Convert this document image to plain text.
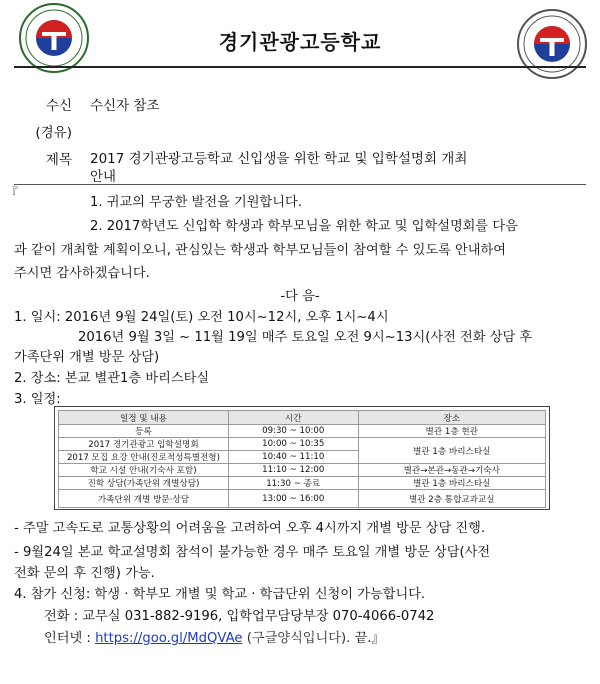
경기관광고등학교
수신 수신자 참조
(경유)
제목 2017 경기관광고등학교 신입생을 위한 학교 및 입학설명회 개최
안내
『
1. 귀교의 무궁한 발전을 기원합니다.
2. 2017학년도 신입학 학생과 학부모님을 위한 학교 및 입학설명회를 다음
과 같이 개최할 계획이오니, 관심있는 학생과 학부모님들이 참여할 수 있도록 안내하여
주시면 감사하겠습니다.
-다 음-
1. 일시: 2016년 9월 24일(토) 오전 10시~12시, 오후 1시~4시
2016년 9월 3일 ~ 11월 19일 매주 토요일 오전 9시~13시(사전 전화 상담 후
가족단위 개별 방문 상담)
2. 장소: 본교 별관1층 바리스타실
3. 일정:
일정 및 내용	시간	장소
등록	09:30 ~ 10:00	별관 1층 현관
2017 경기관광고 입학설명회	10:00 ~ 10:35	별관 1층 바리스타실
2017 모집 요강 안내(진로적성특별전형)	10:40 ~ 11:10	
학교 시설 안내(기숙사 포함)	11:10 ~ 12:00	별관→본관→동관→기숙사
진학 상담(가족단위 개별상담)	11:30 ~ 종료	별관 1층 바리스타실
가족단위 개별 방문·상담	13:00 ~ 16:00	별관 2층 통합교과교실
- 주말 고속도로 교통상황의 어려움을 고려하여 오후 4시까지 개별 방문 상담 진행.
- 9월24일 본교 학교설명회 참석이 불가능한 경우 매주 토요일 개별 방문 상담(사전
전화 문의 후 진행) 가능.
4. 참가 신청: 학생 · 학부모 개별 및 학교 · 학급단위 신청이 가능합니다.
전화 : 교무실 031-882-9196, 입학업무담당부장 070-4066-0742
인터넷 : https://goo.gl/MdQVAe (구글양식입니다). 끝.』
